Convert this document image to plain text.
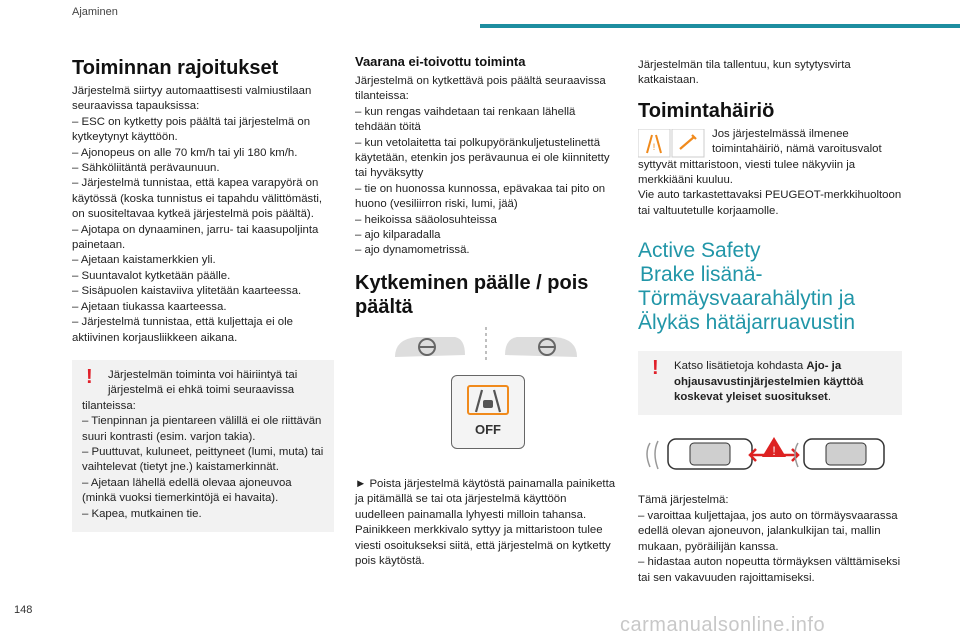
Ajaminen
Toiminnan rajoitukset

Järjestelmä siirtyy automaattisesti valmiustilaan seuraavissa tapauksissa:

– ESC on kytketty pois päältä tai järjestelmä on kytkeytynyt käyttöön.

– Ajonopeus on alle 70 km/h tai yli 180 km/h.

– Sähköliitäntä perävaunuun.

– Järjestelmä tunnistaa, että kapea varapyörä on käytössä (koska tunnistus ei tapahdu välittömästi, on suositeltavaa kytkeä järjestelmä pois päältä).

– Ajotapa on dynaaminen, jarru- tai kaasupoljinta painetaan.

– Ajetaan kaistamerkkien yli.

– Suuntavalot kytketään päälle.

– Sisäpuolen kaistaviiva ylitetään kaarteessa.

– Ajetaan tiukassa kaarteessa.

– Järjestelmä tunnistaa, että kuljettaja ei ole aktiivinen korjausliikkeen aikana.

!	Järjestelmän toiminta voi häiriintyä tai järjestelmä ei ehkä toimi seuraavissa

tilanteissa:

– Tienpinnan ja pientareen välillä ei ole riittävän suuri kontrasti (esim. varjon takia).

– Puuttuvat, kuluneet, peittyneet (lumi, muta) tai vaihtelevat (tietyt jne.) kaistamerkinnät.

– Ajetaan lähellä edellä olevaa ajoneuvoa (minkä vuoksi tiemerkintöjä ei havaita).

– Kapea, mutkainen tie.

Vaarana ei-toivottu toiminta

Järjestelmä on kytkettävä pois päältä seuraavissa tilanteissa:

– kun rengas vaihdetaan tai renkaan lähellä tehdään töitä

– kun vetolaitetta tai polkupyöränkuljetustelinettä käytetään, etenkin jos perävaunua ei ole kiinnitetty tai hyväksytty

– tie on huonossa kunnossa, epävakaa tai pito on huono (vesiliirron riski, lumi, jää)

– heikoissa sääolosuhteissa

– ajo kilparadalla

– ajo dynamometrissä.

Kytkeminen päälle / pois päältä
OFF

► Poista järjestelmä käytöstä painamalla painiketta ja pitämällä se tai ota järjestelmä käyttöön uudelleen painamalla lyhyesti milloin tahansa.

Painikkeen merkkivalo syttyy ja mittaristoon tulee viesti osoitukseksi siitä, että järjestelmä on kytketty pois käytöstä.

Järjestelmän tila tallentuu, kun sytytysvirta katkaistaan.

Toimintahäiriö
!

Jos järjestelmässä ilmenee toimintahäiriö, nämä varoitusvalot

syttyvät mittaristoon, viesti tulee näkyviin ja merkkiääni kuuluu.

Vie auto tarkastettavaksi PEUGEOT-merkkihuoltoon tai valtuutetulle korjaamolle.

Active Safety
Brake lisänä-
Törmäysvaarahälytin ja
Älykäs hätäjarruavustin
!	Katso lisätietoja kohdasta Ajo- ja ohjausavustinjärjestelmien käyttöä koskevat yleiset suositukset.

!

Tämä järjestelmä:

– varoittaa kuljettajaa, jos auto on törmäysvaarassa edellä olevan ajoneuvon, jalankulkijan tai, mallin mukaan, pyöräilijän kanssa.

– hidastaa auton nopeutta törmäyksen välttämiseksi tai sen vakavuuden rajoittamiseksi.

148
carmanualsonline.info
